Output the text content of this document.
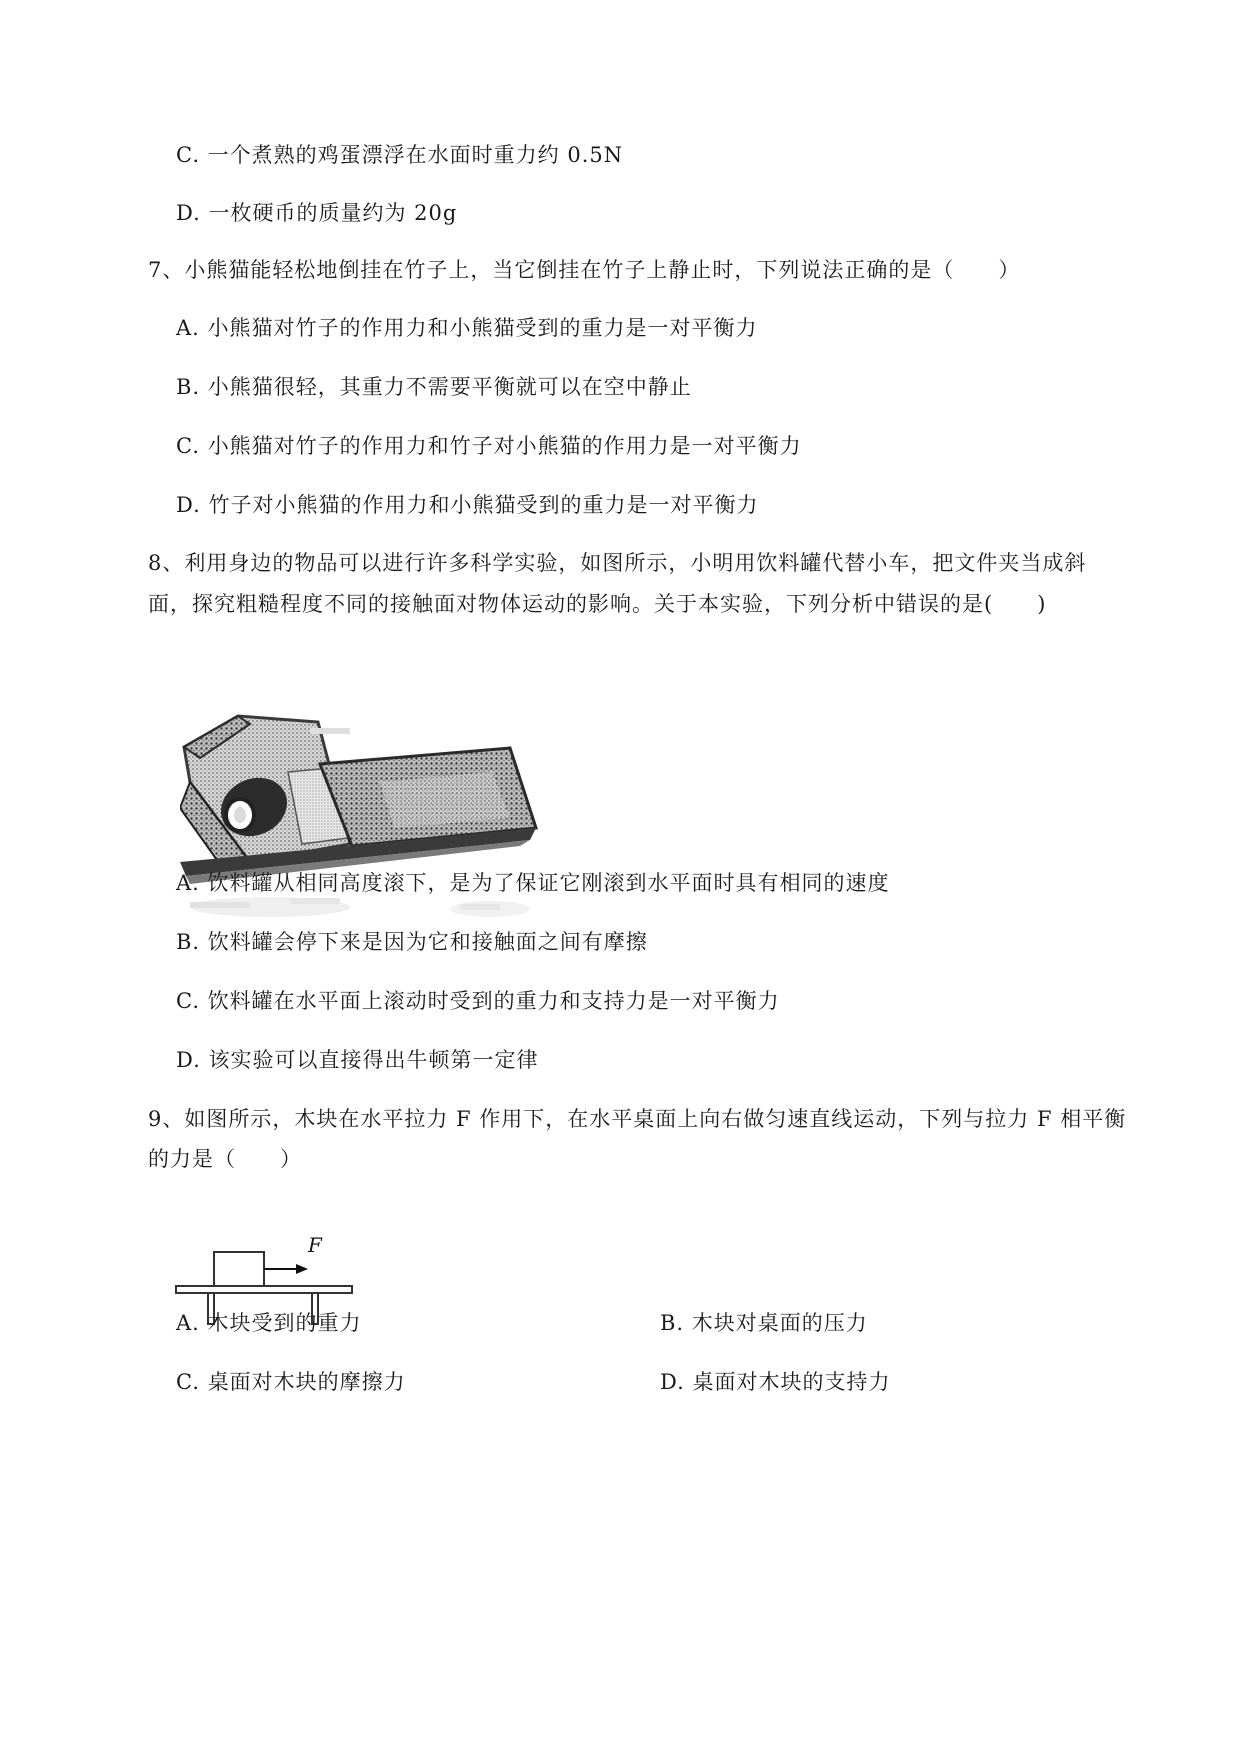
C. 一个煮熟的鸡蛋漂浮在水面时重力约 0.5N
D. 一枚硬币的质量约为 20g
7、小熊猫能轻松地倒挂在竹子上，当它倒挂在竹子上静止时，下列说法正确的是（　　）
A. 小熊猫对竹子的作用力和小熊猫受到的重力是一对平衡力
B. 小熊猫很轻，其重力不需要平衡就可以在空中静止
C. 小熊猫对竹子的作用力和竹子对小熊猫的作用力是一对平衡力
D. 竹子对小熊猫的作用力和小熊猫受到的重力是一对平衡力
8、利用身边的物品可以进行许多科学实验，如图所示，小明用饮料罐代替小车，把文件夹当成斜
面，探究粗糙程度不同的接触面对物体运动的影响。关于本实验，下列分析中错误的是(　　)
A. 饮料罐从相同高度滚下，是为了保证它刚滚到水平面时具有相同的速度
B. 饮料罐会停下来是因为它和接触面之间有摩擦
C. 饮料罐在水平面上滚动时受到的重力和支持力是一对平衡力
D. 该实验可以直接得出牛顿第一定律
9、如图所示，木块在水平拉力 F 作用下，在水平桌面上向右做匀速直线运动，下列与拉力 F 相平衡
的力是（　　）
F
A. 木块受到的重力	B. 木块对桌面的压力
C. 桌面对木块的摩擦力	D. 桌面对木块的支持力
